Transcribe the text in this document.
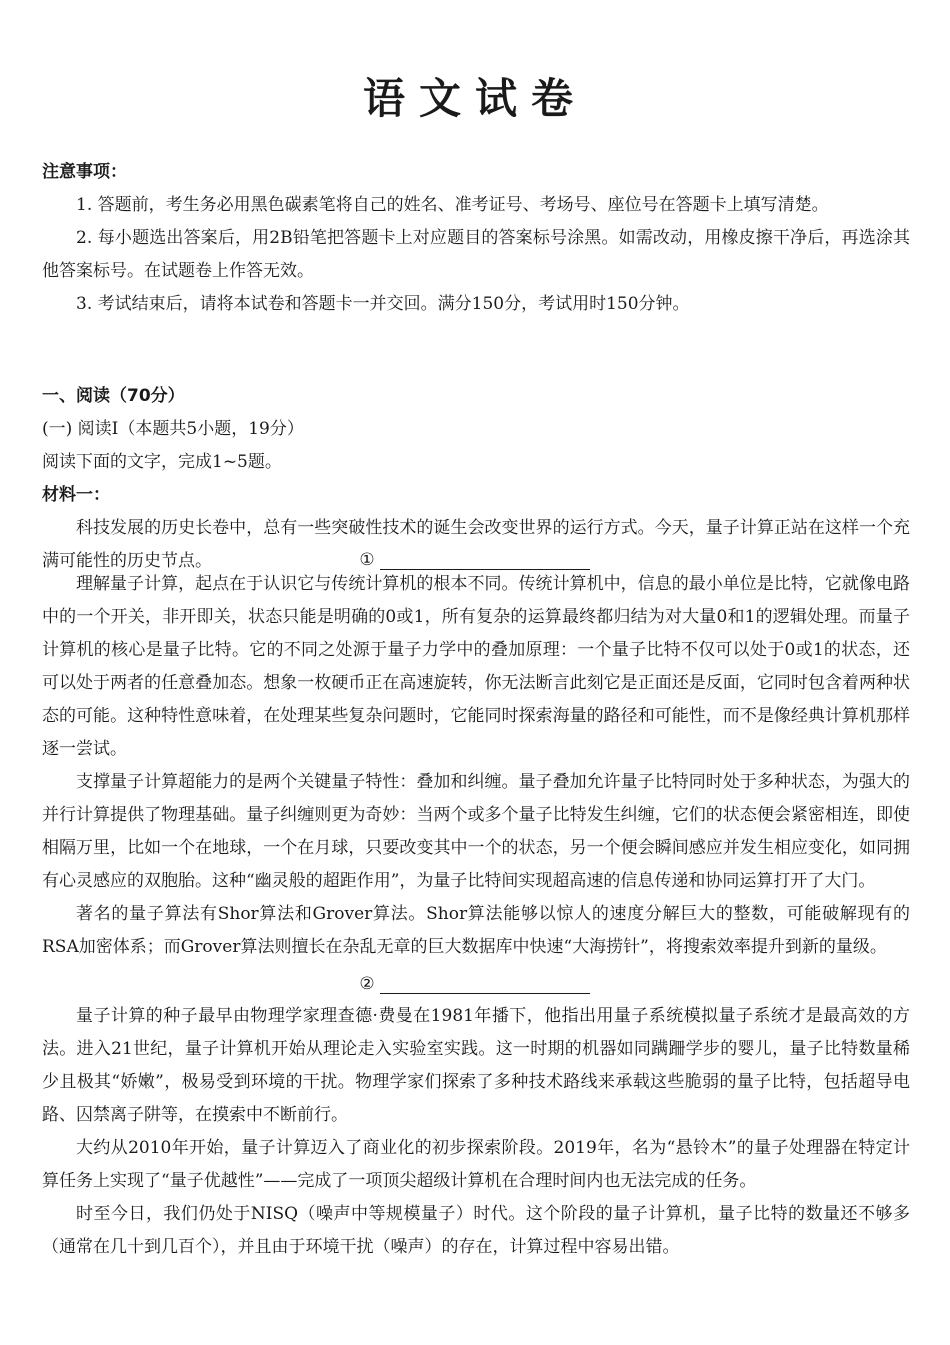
语文试卷
注意事项：

1. 答题前，考生务必用黑色碳素笔将自己的姓名、准考证号、考场号、座位号在答题卡上填写清楚。

2. 每小题选出答案后，用2B铅笔把答题卡上对应题目的答案标号涂黑。如需改动，用橡皮擦干净后，再选涂其他答案标号。在试题卷上作答无效。

3. 考试结束后，请将本试卷和答题卡一并交回。满分150分，考试用时150分钟。

一、阅读（70分）
(一) 阅读Ⅰ（本题共5小题，19分）
阅读下面的文字，完成1~5题。
材料一：

科技发展的历史长卷中，总有一些突破性技术的诞生会改变世界的运行方式。今天，量子计算正站在这样一个充满可能性的历史节点。	①

理解量子计算，起点在于认识它与传统计算机的根本不同。传统计算机中，信息的最小单位是比特，它就像电路中的一个开关，非开即关，状态只能是明确的0或1，所有复杂的运算最终都归结为对大量0和1的逻辑处理。而量子计算机的核心是量子比特。它的不同之处源于量子力学中的叠加原理：一个量子比特不仅可以处于0或1的状态，还可以处于两者的任意叠加态。想象一枚硬币正在高速旋转，你无法断言此刻它是正面还是反面，它同时包含着两种状态的可能。这种特性意味着，在处理某些复杂问题时，它能同时探索海量的路径和可能性，而不是像经典计算机那样逐一尝试。

支撑量子计算超能力的是两个关键量子特性：叠加和纠缠。量子叠加允许量子比特同时处于多种状态，为强大的并行计算提供了物理基础。量子纠缠则更为奇妙：当两个或多个量子比特发生纠缠，它们的状态便会紧密相连，即使相隔万里，比如一个在地球，一个在月球，只要改变其中一个的状态，另一个便会瞬间感应并发生相应变化，如同拥有心灵感应的双胞胎。这种“幽灵般的超距作用”，为量子比特间实现超高速的信息传递和协同运算打开了大门。

著名的量子算法有Shor算法和Grover算法。Shor算法能够以惊人的速度分解巨大的整数，可能破解现有的RSA加密体系；而Grover算法则擅长在杂乱无章的巨大数据库中快速“大海捞针”，将搜索效率提升到新的量级。

②

量子计算的种子最早由物理学家理查德·费曼在1981年播下，他指出用量子系统模拟量子系统才是最高效的方法。进入21世纪，量子计算机开始从理论走入实验室实践。这一时期的机器如同蹒跚学步的婴儿，量子比特数量稀少且极其“娇嫩”，极易受到环境的干扰。物理学家们探索了多种技术路线来承载这些脆弱的量子比特，包括超导电路、囚禁离子阱等，在摸索中不断前行。

大约从2010年开始，量子计算迈入了商业化的初步探索阶段。2019年，名为“悬铃木”的量子处理器在特定计算任务上实现了“量子优越性”——完成了一项顶尖超级计算机在合理时间内也无法完成的任务。

时至今日，我们仍处于NISQ（噪声中等规模量子）时代。这个阶段的量子计算机，量子比特的数量还不够多（通常在几十到几百个），并且由于环境干扰（噪声）的存在，计算过程中容易出错。
